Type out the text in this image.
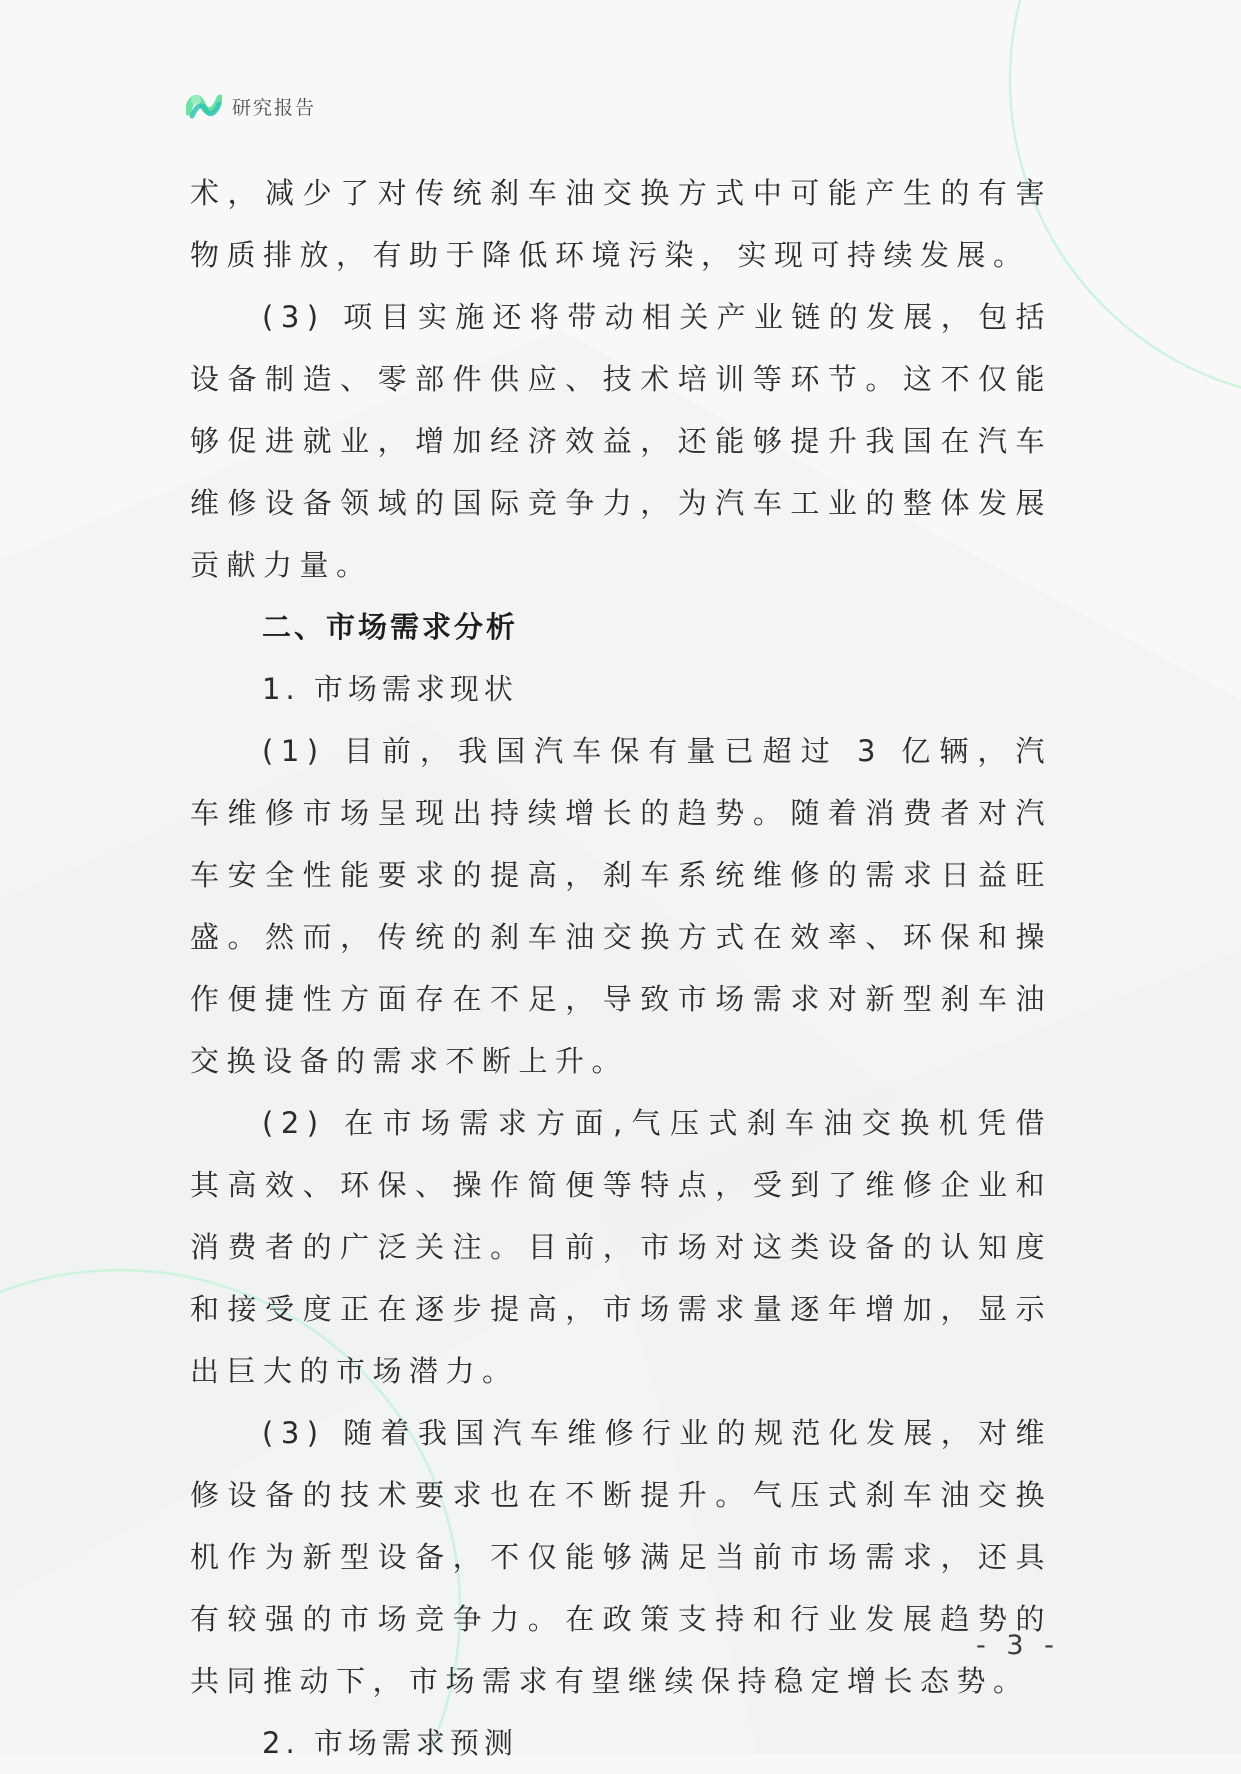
研究报告

术，减少了对传统刹车油交换方式中可能产生的有害物质排放，有助于降低环境污染，实现可持续发展。

(3) 项目实施还将带动相关产业链的发展，包括设备制造、零部件供应、技术培训等环节。这不仅能够促进就业，增加经济效益，还能够提升我国在汽车维修设备领域的国际竞争力，为汽车工业的整体发展贡献力量。

二、市场需求分析

1. 市场需求现状

(1) 目前，我国汽车保有量已超过 3 亿辆，汽车维修市场呈现出持续增长的趋势。随着消费者对汽车安全性能要求的提高，刹车系统维修的需求日益旺盛。然而，传统的刹车油交换方式在效率、环保和操作便捷性方面存在不足，导致市场需求对新型刹车油交换设备的需求不断上升。

(2) 在市场需求方面,气压式刹车油交换机凭借其高效、环保、操作简便等特点，受到了维修企业和消费者的广泛关注。目前，市场对这类设备的认知度和接受度正在逐步提高，市场需求量逐年增加，显示出巨大的市场潜力。

(3) 随着我国汽车维修行业的规范化发展，对维修设备的技术要求也在不断提升。气压式刹车油交换机作为新型设备，不仅能够满足当前市场需求，还具有较强的市场竞争力。在政策支持和行业发展趋势的共同推动下，市场需求有望继续保持稳定增长态势。

2. 市场需求预测

- 3 -
